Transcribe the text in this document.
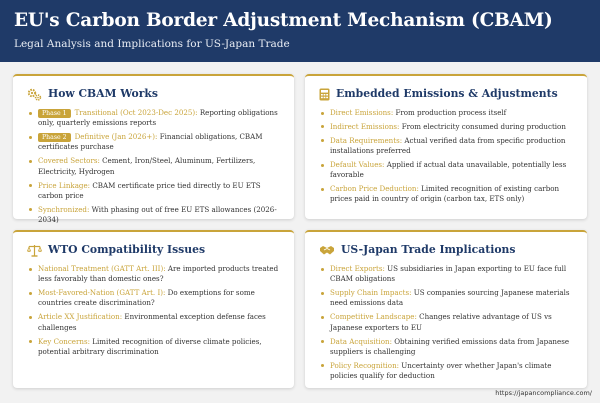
EU's Carbon Border Adjustment Mechanism (CBAM)
Legal Analysis and Implications for US-Japan Trade
How CBAM Works
Phase 1 Transitional (Oct 2023-Dec 2025): Reporting obligations only, quarterly emissions reports
Phase 2 Definitive (Jan 2026+): Financial obligations, CBAM certificates purchase
Covered Sectors: Cement, Iron/Steel, Aluminum, Fertilizers, Electricity, Hydrogen
Price Linkage: CBAM certificate price tied directly to EU ETS carbon price
Synchronized: With phasing out of free EU ETS allowances (2026-2034)
Embedded Emissions & Adjustments
Direct Emissions: From production process itself
Indirect Emissions: From electricity consumed during production
Data Requirements: Actual verified data from specific production installations preferred
Default Values: Applied if actual data unavailable, potentially less favorable
Carbon Price Deduction: Limited recognition of existing carbon prices paid in country of origin (carbon tax, ETS only)
WTO Compatibility Issues
National Treatment (GATT Art. III): Are imported products treated less favorably than domestic ones?
Most-Favored-Nation (GATT Art. I): Do exemptions for some countries create discrimination?
Article XX Justification: Environmental exception defense faces challenges
Key Concerns: Limited recognition of diverse climate policies, potential arbitrary discrimination
US-Japan Trade Implications
Direct Exports: US subsidiaries in Japan exporting to EU face full CBAM obligations
Supply Chain Impacts: US companies sourcing Japanese materials need emissions data
Competitive Landscape: Changes relative advantage of US vs Japanese exporters to EU
Data Acquisition: Obtaining verified emissions data from Japanese suppliers is challenging
Policy Recognition: Uncertainty over whether Japan's climate policies qualify for deduction
https://japancompliance.com/
